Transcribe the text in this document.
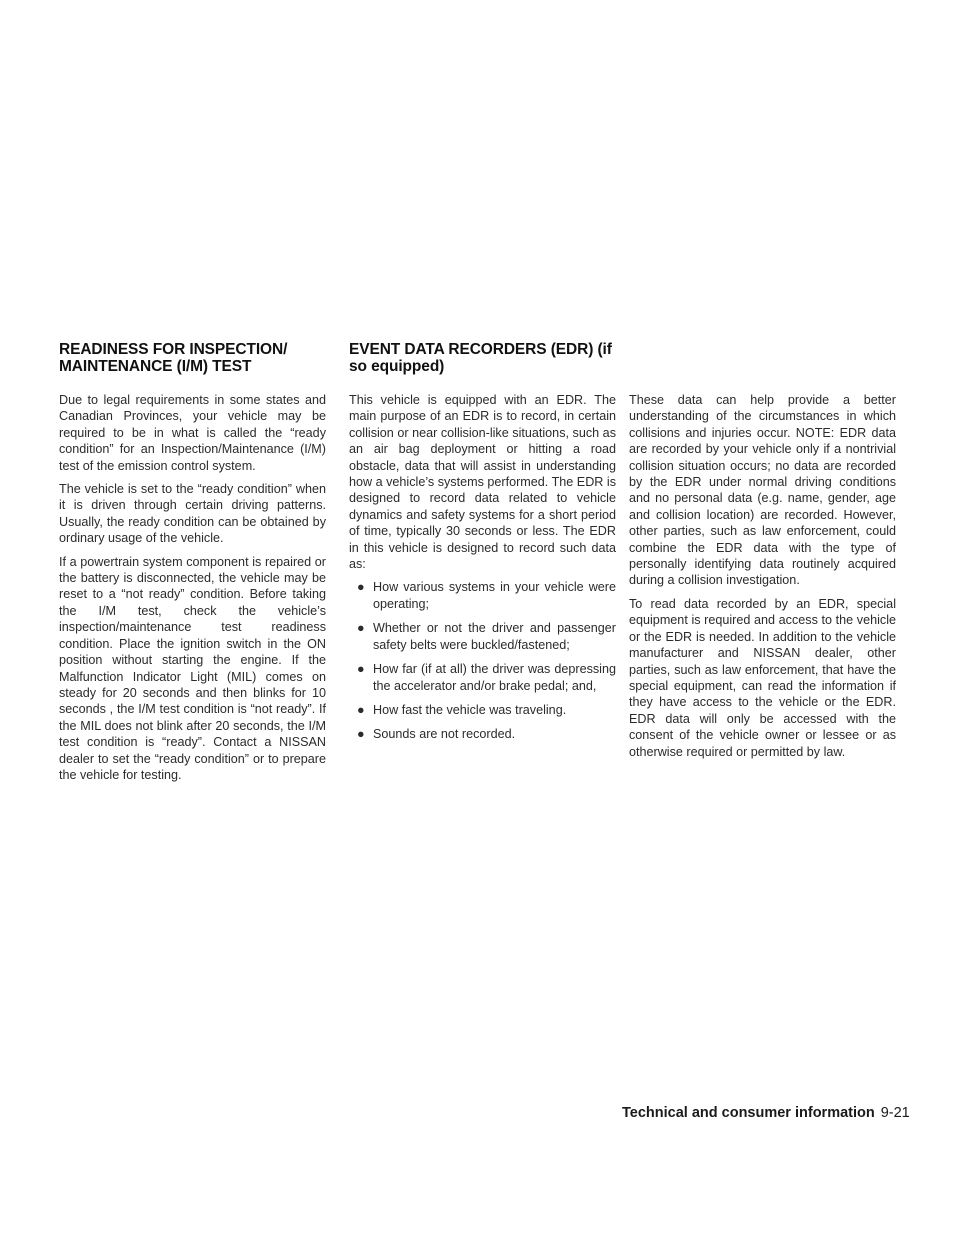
READINESS FOR INSPECTION/
MAINTENANCE (I/M) TEST

Due to legal requirements in some states and Canadian Provinces, your vehicle may be required to be in what is called the “ready condition” for an Inspection/Maintenance (I/M) test of the emission control system.

The vehicle is set to the “ready condition” when it is driven through certain driving patterns. Usually, the ready condition can be obtained by ordinary usage of the vehicle.

If a powertrain system component is repaired or the battery is disconnected, the vehicle may be reset to a “not ready” condition. Before taking the I/M test, check the vehicle’s inspection/maintenance test readiness condition. Place the ignition switch in the ON position without starting the engine. If the Malfunction Indicator Light (MIL) comes on steady for 20 seconds and then blinks for 10 seconds , the I/M test condition is “not ready”. If the MIL does not blink after 20 seconds, the I/M test condition is “ready”. Contact a NISSAN dealer to set the “ready condition” or to prepare the vehicle for testing.

EVENT DATA RECORDERS (EDR) (if
so equipped)

This vehicle is equipped with an EDR. The main purpose of an EDR is to record, in certain collision or near collision-like situations, such as an air bag deployment or hitting a road obstacle, data that will assist in understanding how a vehicle’s systems performed. The EDR is designed to record data related to vehicle dynamics and safety systems for a short period of time, typically 30 seconds or less. The EDR in this vehicle is designed to record such data as:

● How various systems in your vehicle were operating;
● Whether or not the driver and passenger safety belts were buckled/fastened;
● How far (if at all) the driver was depressing the accelerator and/or brake pedal; and,
● How fast the vehicle was traveling.
● Sounds are not recorded.

These data can help provide a better understanding of the circumstances in which collisions and injuries occur. NOTE: EDR data are recorded by your vehicle only if a nontrivial collision situation occurs; no data are recorded by the EDR under normal driving conditions and no personal data (e.g. name, gender, age and collision location) are recorded. However, other parties, such as law enforcement, could combine the EDR data with the type of personally identifying data routinely acquired during a collision investigation.

To read data recorded by an EDR, special equipment is required and access to the vehicle or the EDR is needed. In addition to the vehicle manufacturer and NISSAN dealer, other parties, such as law enforcement, that have the special equipment, can read the information if they have access to the vehicle or the EDR. EDR data will only be accessed with the consent of the vehicle owner or lessee or as otherwise required or permitted by law.

Technical and consumer information 9-21
